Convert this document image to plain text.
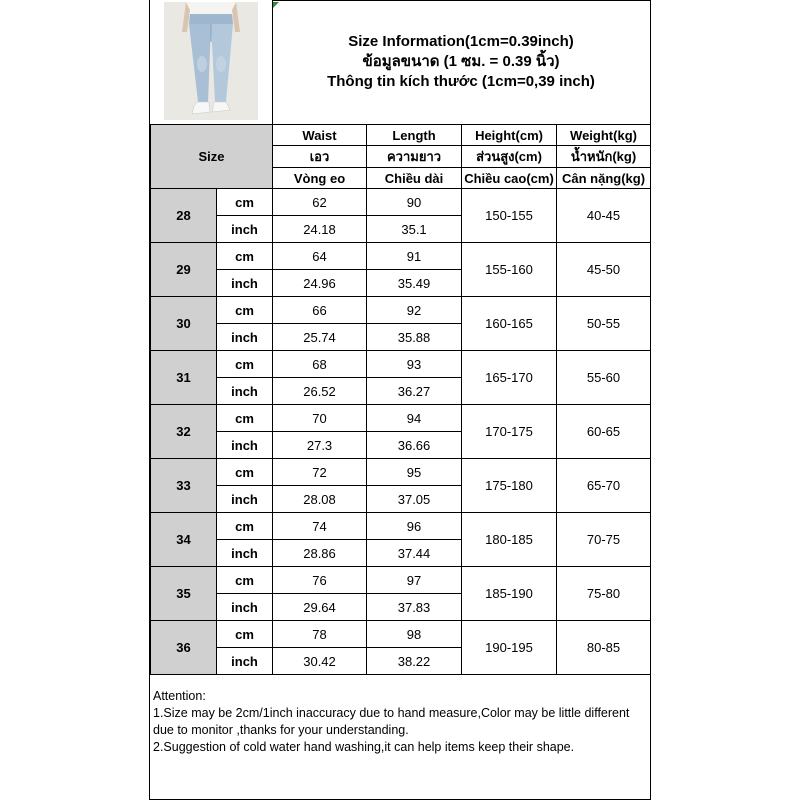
Size Information(1cm=0.39inch)
ข้อมูลขนาด (1 ซม. = 0.39 นิ้ว)
Thông tin kích thước (1cm=0,39 inch)
Size		Waist	Length	Height(cm)	Weight(kg)
		เอว	ความยาว	ส่วนสูง(cm)	น้ำหนัก(kg)
		Vòng eo	Chiều dài	Chiều cao(cm)	Cân nặng(kg)
28	cm	62	90	150-155	40-45
	inch	24.18	35.1		
29	cm	64	91	155-160	45-50
	inch	24.96	35.49		
30	cm	66	92	160-165	50-55
	inch	25.74	35.88		
31	cm	68	93	165-170	55-60
	inch	26.52	36.27		
32	cm	70	94	170-175	60-65
	inch	27.3	36.66		
33	cm	72	95	175-180	65-70
	inch	28.08	37.05		
34	cm	74	96	180-185	70-75
	inch	28.86	37.44		
35	cm	76	97	185-190	75-80
	inch	29.64	37.83		
36	cm	78	98	190-195	80-85
	inch	30.42	38.22		
Attention:
1.Size may be 2cm/1inch inaccuracy due to hand measure,Color may be little different
due to monitor ,thanks for your understanding.
2.Suggestion of cold water hand washing,it can help items keep their shape.
